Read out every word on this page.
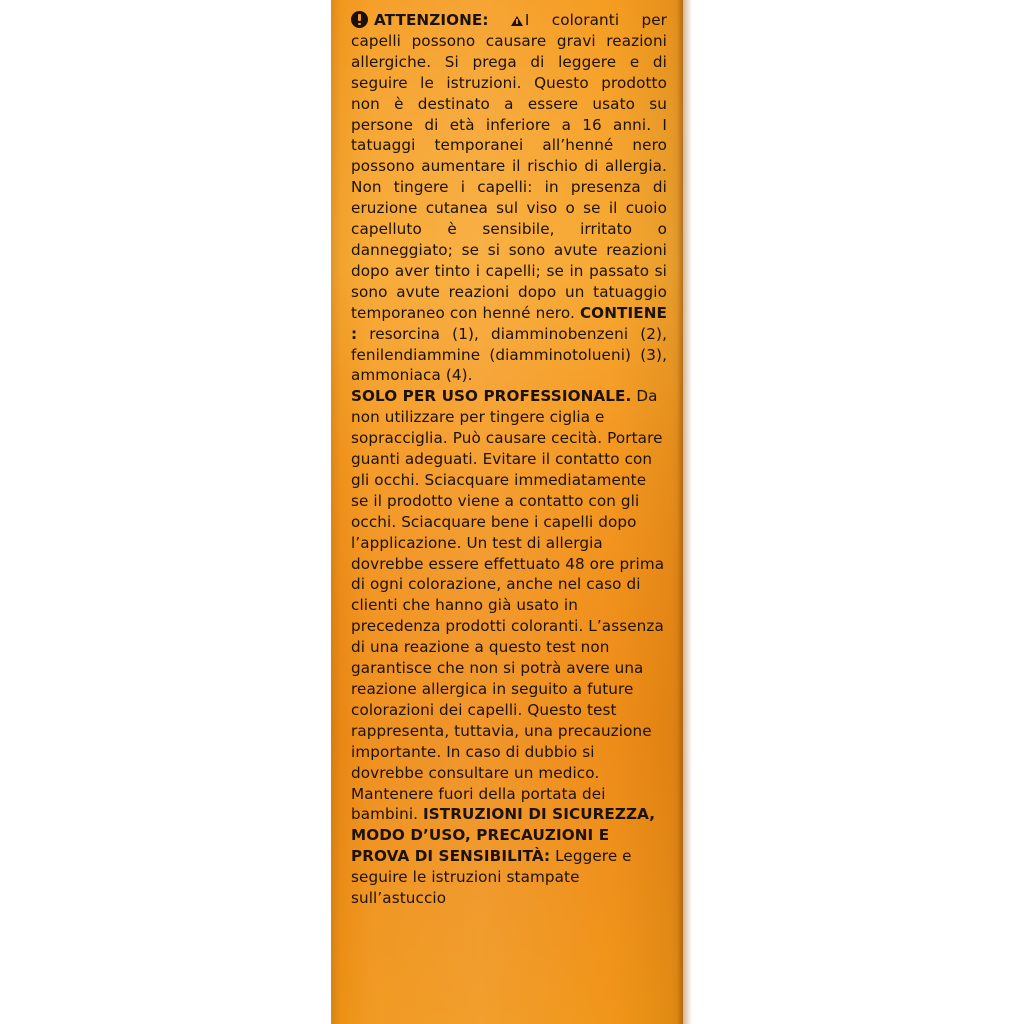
ATTENZIONE: I coloranti per capelli possono causare gravi reazioni allergiche. Si prega di leggere e di seguire le istruzioni. Questo prodotto non è destinato a essere usato su persone di età inferiore a 16 anni. I tatuaggi temporanei all’henné nero possono aumentare il rischio di allergia. Non tingere i capelli: in presenza di eruzione cutanea sul viso o se il cuoio capelluto è sensibile, irritato o danneggiato; se si sono avute reazioni dopo aver tinto i capelli; se in passato si sono avute reazioni dopo un tatuaggio temporaneo con henné nero. CONTIENE : resorcina (1), diamminobenzeni (2), fenilendiammine (diamminotolueni) (3), ammoniaca (4).

SOLO PER USO PROFESSIONALE. Da non utilizzare per tingere ciglia e sopracciglia. Può causare cecità. Portare guanti adeguati. Evitare il contatto con gli occhi. Sciacquare immediatamente se il prodotto viene a contatto con gli occhi. Sciacquare bene i capelli dopo l’applicazione. Un test di allergia dovrebbe essere effettuato 48 ore prima di ogni colorazione, anche nel caso di clienti che hanno già usato in precedenza prodotti coloranti. L’assenza di una reazione a questo test non garantisce che non si potrà avere una reazione allergica in seguito a future colorazioni dei capelli. Questo test rappresenta, tuttavia, una precauzione importante. In caso di dubbio si dovrebbe consultare un medico. Mantenere fuori della portata dei bambini. ISTRUZIONI DI SICUREZZA, MODO D’USO, PRECAUZIONI E PROVA DI SENSIBILITÀ: Leggere e seguire le istruzioni stampate sull’astuccio
